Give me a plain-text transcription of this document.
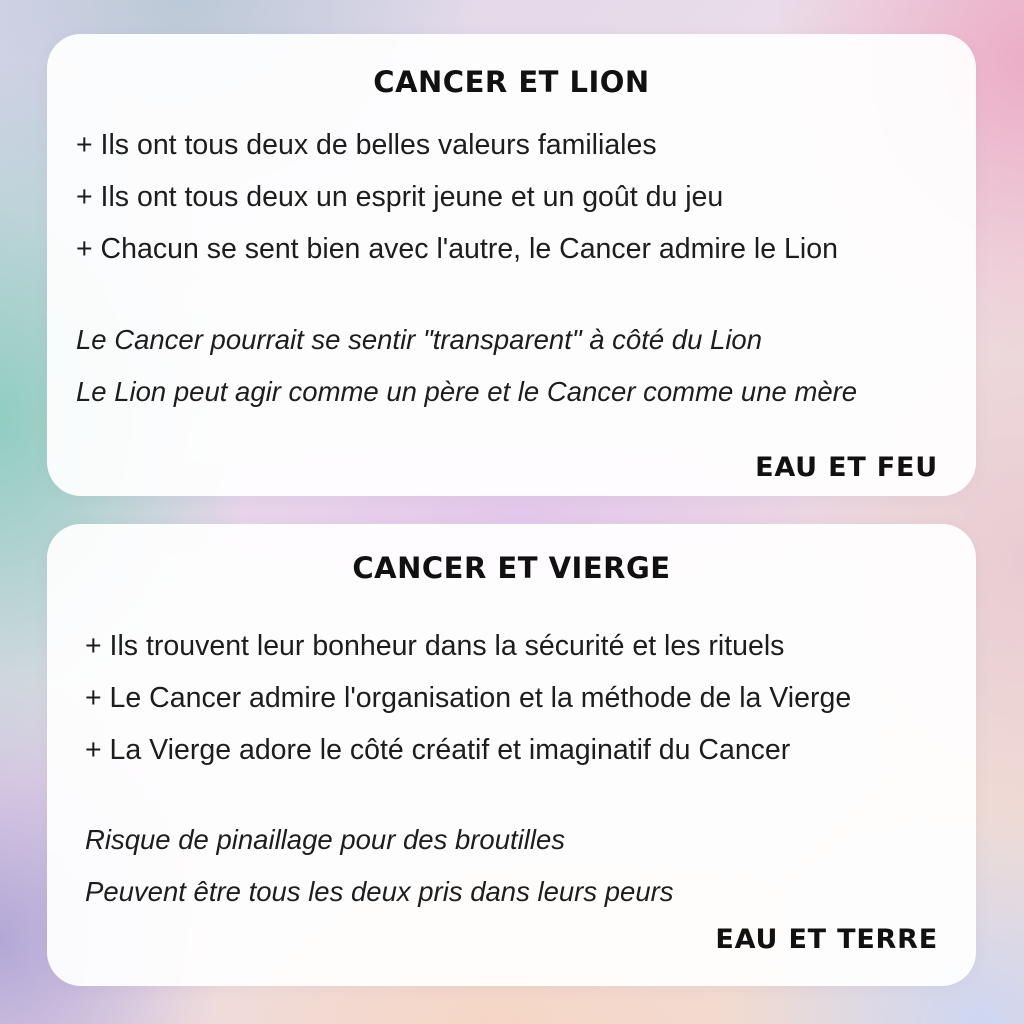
CANCER ET LION
+ Ils ont tous deux de belles valeurs familiales
+ Ils ont tous deux un esprit jeune et un goût du jeu
+ Chacun se sent bien avec l'autre, le Cancer admire le Lion
Le Cancer pourrait se sentir "transparent" à côté du Lion
Le Lion peut agir comme un père et le Cancer comme une mère
EAU ET FEU
CANCER ET VIERGE
+ Ils trouvent leur bonheur dans la sécurité et les rituels
+ Le Cancer admire l'organisation et la méthode de la Vierge
+ La Vierge adore le côté créatif et imaginatif du Cancer
Risque de pinaillage pour des broutilles
Peuvent être tous les deux pris dans leurs peurs
EAU ET TERRE
